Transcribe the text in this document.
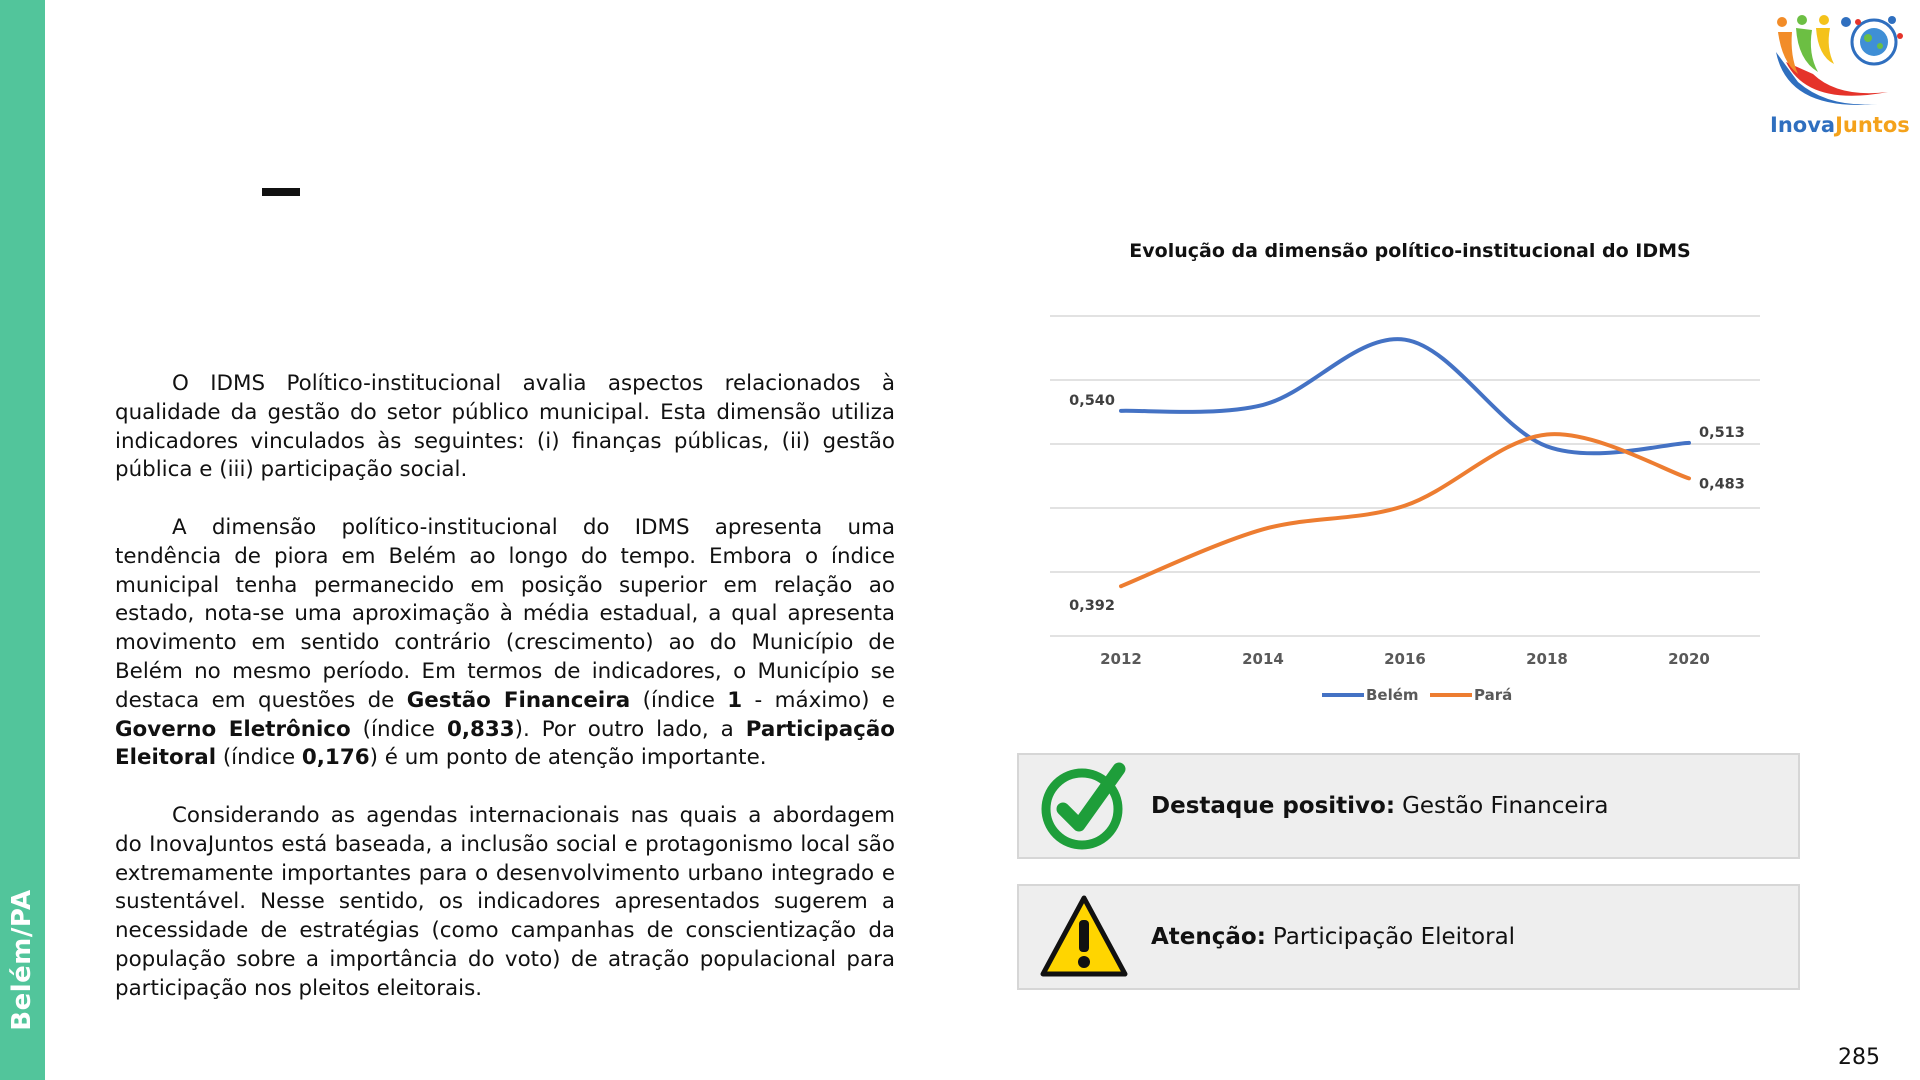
Belém/PA
InovaJuntos

O IDMS Político-institucional avalia aspectos relacionados à qualidade da gestão do setor público municipal. Esta dimensão utiliza indicadores vinculados às seguintes: (i) finanças públicas, (ii) gestão pública e (iii) participação social.

A dimensão político-institucional do IDMS apresenta uma tendência de piora em Belém ao longo do tempo. Embora o índice municipal tenha permanecido em posição superior em relação ao estado, nota-se uma aproximação à média estadual, a qual apresenta movimento em sentido contrário (crescimento) ao do Município de Belém no mesmo período. Em termos de indicadores, o Município se destaca em questões de Gestão Financeira (índice 1 - máximo) e Governo Eletrônico (índice 0,833). Por outro lado, a Participação Eleitoral (índice 0,176) é um ponto de atenção importante.

Considerando as agendas internacionais nas quais a abordagem do InovaJuntos está baseada, a inclusão social e protagonismo local são extremamente importantes para o desenvolvimento urbano integrado e sustentável. Nesse sentido, os indicadores apresentados sugerem a necessidade de estratégias (como campanhas de conscientização da população sobre a importância do voto) de atração populacional para participação nos pleitos eleitorais.

Evolução da dimensão político-institucional do IDMS
2012	2014	2016	2018	2020
0,540
0,513
0,392
0,483
Belém	Pará
Destaque positivo: Gestão Financeira
Atenção: Participação Eleitoral
285
